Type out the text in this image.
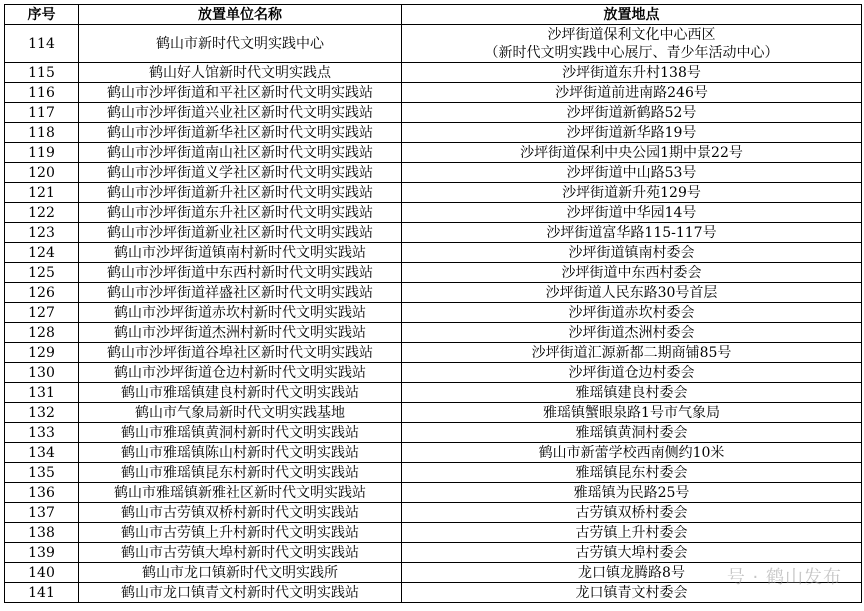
序号	放置单位名称	放置地点
114	鹤山市新时代文明实践中心	沙坪街道保利文化中心西区
（新时代文明实践中心展厅、青少年活动中心）

115	鹤山好人馆新时代文明实践点	沙坪街道东升村138号
116	鹤山市沙坪街道和平社区新时代文明实践站	沙坪街道前进南路246号
117	鹤山市沙坪街道兴业社区新时代文明实践站	沙坪街道新鹤路52号
118	鹤山市沙坪街道新华社区新时代文明实践站	沙坪街道新华路19号
119	鹤山市沙坪街道南山社区新时代文明实践站	沙坪街道保利中央公园1期中景22号
120	鹤山市沙坪街道义学社区新时代文明实践站	沙坪街道中山路53号
121	鹤山市沙坪街道新升社区新时代文明实践站	沙坪街道新升苑129号
122	鹤山市沙坪街道东升社区新时代文明实践站	沙坪街道中华园14号
123	鹤山市沙坪街道新业社区新时代文明实践站	沙坪街道富华路115-117号
124	鹤山市沙坪街道镇南村新时代文明实践站	沙坪街道镇南村委会
125	鹤山市沙坪街道中东西村新时代文明实践站	沙坪街道中东西村委会
126	鹤山市沙坪街道祥盛社区新时代文明实践站	沙坪街道人民东路30号首层
127	鹤山市沙坪街道赤坎村新时代文明实践站	沙坪街道赤坎村委会
128	鹤山市沙坪街道杰洲村新时代文明实践站	沙坪街道杰洲村委会
129	鹤山市沙坪街道谷埠社区新时代文明实践站	沙坪街道汇源新都二期商铺85号
130	鹤山市沙坪街道仓边村新时代文明实践站	沙坪街道仓边村委会
131	鹤山市雅瑶镇建良村新时代文明实践站	雅瑶镇建良村委会
132	鹤山市气象局新时代文明实践基地	雅瑶镇蟹眼泉路1号市气象局
133	鹤山市雅瑶镇黄洞村新时代文明实践站	雅瑶镇黄洞村委会
134	鹤山市雅瑶镇陈山村新时代文明实践站	鹤山市新蕾学校西南侧约10米
135	鹤山市雅瑶镇昆东村新时代文明实践站	雅瑶镇昆东村委会
136	鹤山市雅瑶镇新雅社区新时代文明实践站	雅瑶镇为民路25号
137	鹤山市古劳镇双桥村新时代文明实践站	古劳镇双桥村委会
138	鹤山市古劳镇上升村新时代文明实践站	古劳镇上升村委会
139	鹤山市古劳镇大埠村新时代文明实践站	古劳镇大埠村委会
140	鹤山市龙口镇新时代文明实践所	龙口镇龙腾路8号
141	鹤山市龙口镇青文村新时代文明实践站	龙口镇青文村委会
号 · 鹤山发布
